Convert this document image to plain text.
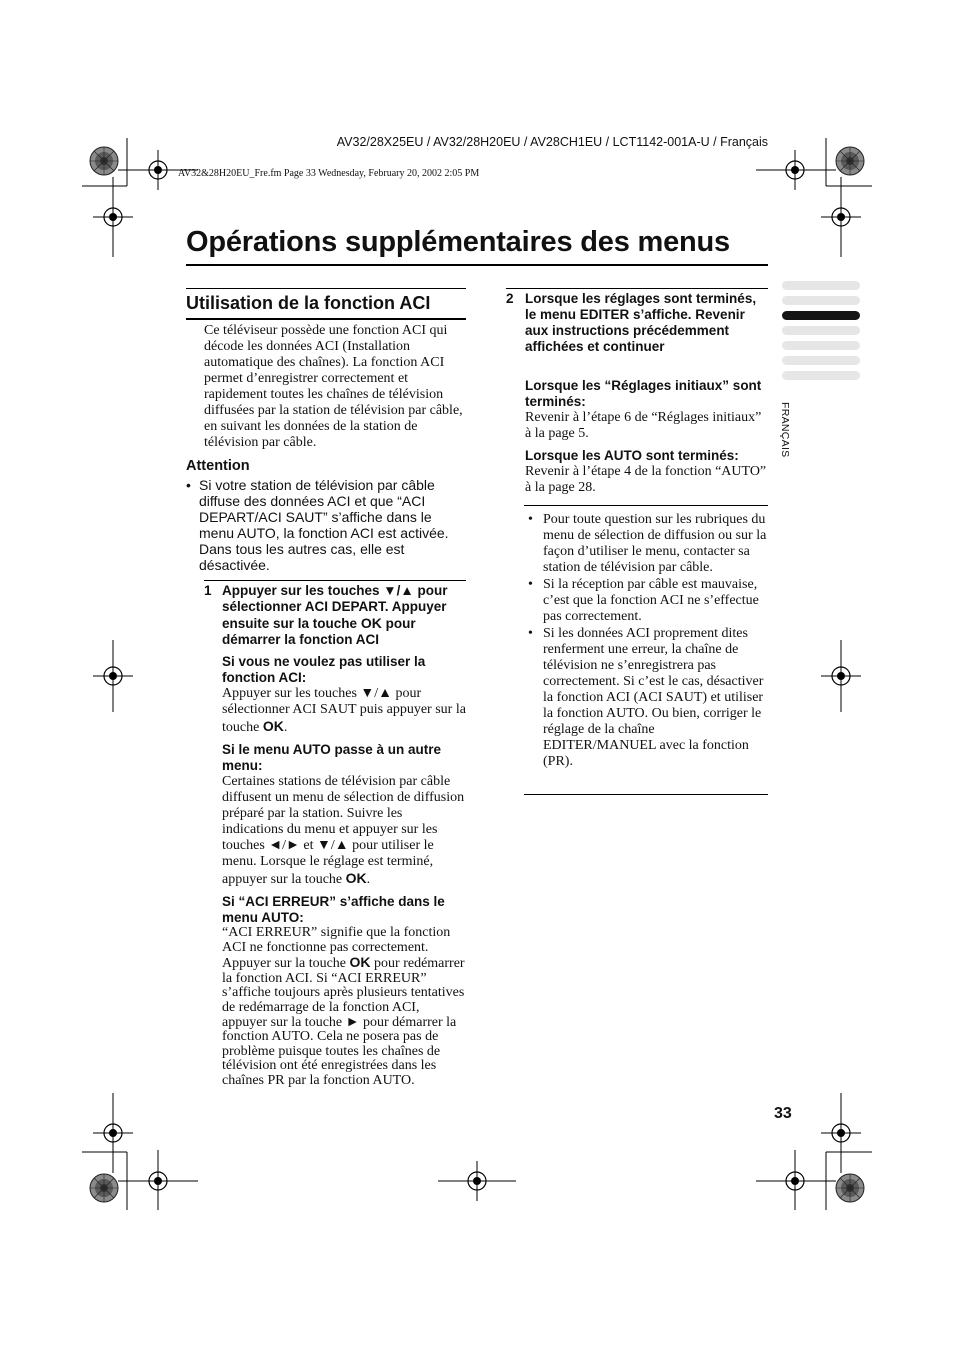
AV32/28X25EU / AV32/28H20EU / AV28CH1EU / LCT1142-001A-U / Français
AV32&28H20EU_Fre.fm Page 33 Wednesday, February 20, 2002 2:05 PM
Opérations supplémentaires des menus
Utilisation de la fonction ACI
Ce téléviseur possède une fonction ACI qui décode les données ACI (Installation automatique des chaînes). La fonction ACI permet d’enregistrer correctement et rapidement toutes les chaînes de télévision diffusées par la station de télévision par câble, en suivant les données de la station de télévision par câble.
Attention
• Si votre station de télévision par câble diffuse des données ACI et que “ACI DEPART/ACI SAUT” s’affiche dans le menu AUTO, la fonction ACI est activée. Dans tous les autres cas, elle est désactivée.
1 Appuyer sur les touches ▼/▲ pour sélectionner ACI DEPART. Appuyer ensuite sur la touche OK pour démarrer la fonction ACI
Si vous ne voulez pas utiliser la fonction ACI:
Appuyer sur les touches ▼/▲ pour sélectionner ACI SAUT puis appuyer sur la touche OK.
Si le menu AUTO passe à un autre menu:
Certaines stations de télévision par câble diffusent un menu de sélection de diffusion préparé par la station. Suivre les indications du menu et appuyer sur les touches ◄/► et ▼/▲ pour utiliser le menu. Lorsque le réglage est terminé, appuyer sur la touche OK.
Si “ACI ERREUR” s’affiche dans le menu AUTO:
“ACI ERREUR” signifie que la fonction ACI ne fonctionne pas correctement. Appuyer sur la touche OK pour redémarrer la fonction ACI. Si “ACI ERREUR” s’affiche toujours après plusieurs tentatives de redémarrage de la fonction ACI, appuyer sur la touche ► pour démarrer la fonction AUTO. Cela ne posera pas de problème puisque toutes les chaînes de télévision ont été enregistrées dans les chaînes PR par la fonction AUTO.
2 Lorsque les réglages sont terminés, le menu EDITER s’affiche. Revenir aux instructions précédemment affichées et continuer
Lorsque les “Réglages initiaux” sont terminés:
Revenir à l’étape 6 de “Réglages initiaux” à la page 5.
Lorsque les AUTO sont terminés:
Revenir à l’étape 4 de la fonction “AUTO” à la page 28.
• Pour toute question sur les rubriques du menu de sélection de diffusion ou sur la façon d’utiliser le menu, contacter sa station de télévision par câble.
• Si la réception par câble est mauvaise, c’est que la fonction ACI ne s’effectue pas correctement.
• Si les données ACI proprement dites renferment une erreur, la chaîne de télévision ne s’enregistrera pas correctement. Si c’est le cas, désactiver la fonction ACI (ACI SAUT) et utiliser la fonction AUTO. Ou bien, corriger le réglage de la chaîne EDITER/MANUEL avec la fonction (PR).
FRANÇAIS
33
